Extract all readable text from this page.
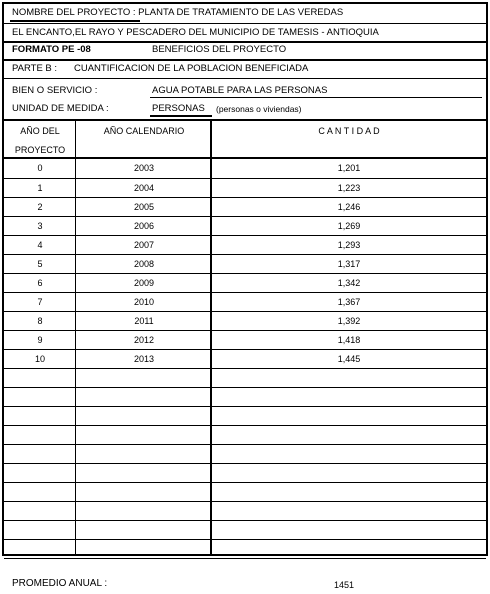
NOMBRE DEL PROYECTO : PLANTA DE TRATAMIENTO DE LAS VEREDAS
EL ENCANTO,EL RAYO Y PESCADERO DEL MUNICIPIO DE TAMESIS - ANTIOQUIA
FORMATO PE -08	BENEFICIOS DEL PROYECTO
PARTE B : CUANTIFICACION DE LA POBLACION BENEFICIADA
BIEN O SERVICIO :	AGUA POTABLE PARA LAS PERSONAS
UNIDAD DE MEDIDA :	PERSONAS (personas o viviendas)
AÑO DEL
PROYECTO
AÑO CALENDARIO	C A N T I D A D
0	2003	1,201
1	2004	1,223
2	2005	1,246
3	2006	1,269
4	2007	1,293
5	2008	1,317
6	2009	1,342
7	2010	1,367
8	2011	1,392
9	2012	1,418
10	2013	1,445

PROMEDIO ANUAL :	1451
